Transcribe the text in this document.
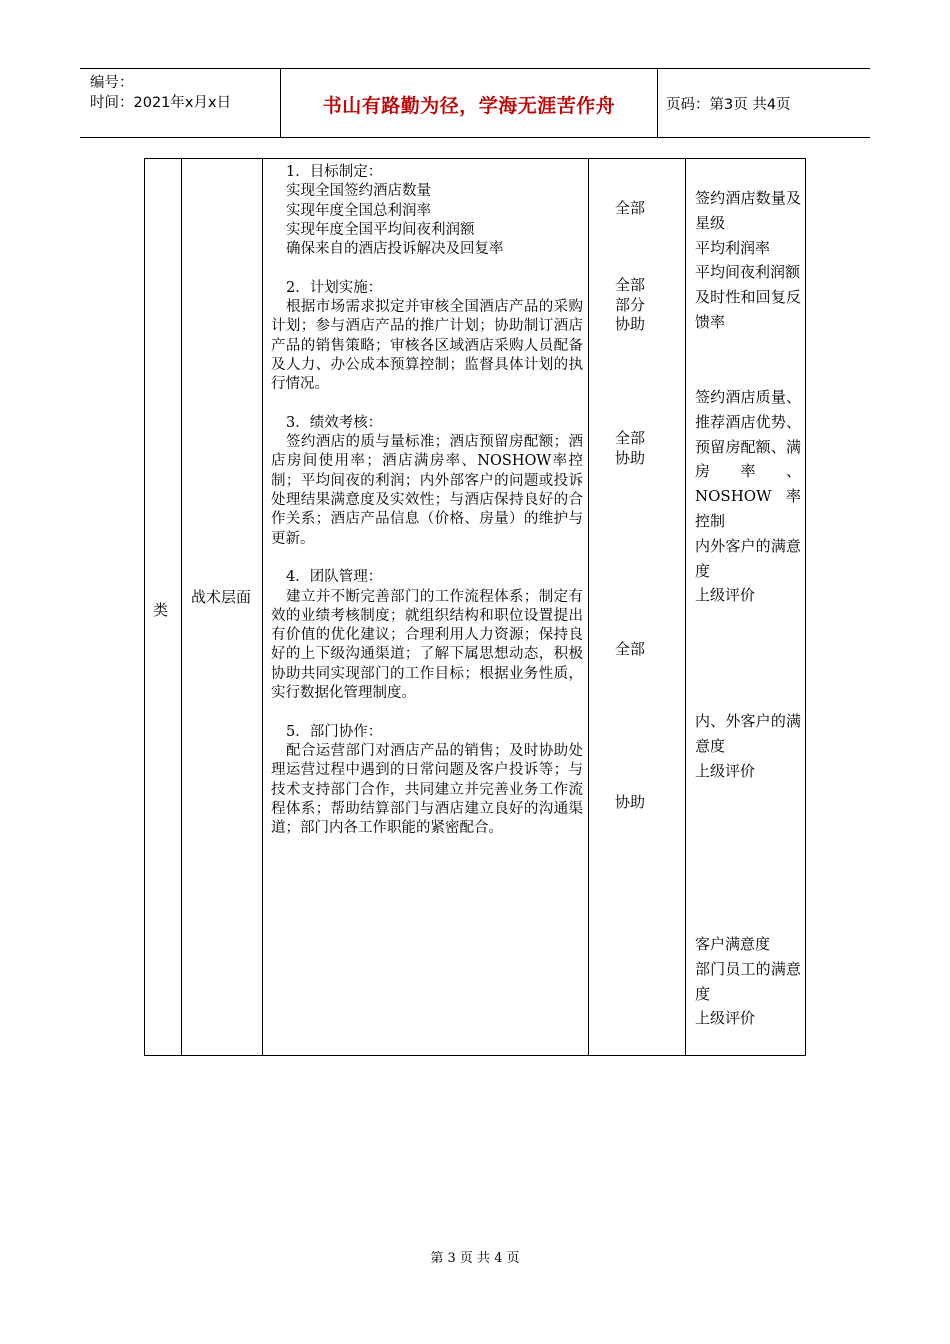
编号：
时间：2021年x月x日	书山有路勤为径，学海无涯苦作舟	页码：第3页 共4页
类
战术层面

1．目标制定：

实现全国签约酒店数量

实现年度全国总利润率

实现年度全国平均间夜利润额

确保来自的酒店投诉解决及回复率

2．计划实施：

根据市场需求拟定并审核全国酒店产品的采购计划；参与酒店产品的推广计划；协助制订酒店产品的销售策略；审核各区域酒店采购人员配备及人力、办公成本预算控制；监督具体计划的执行情况。

3．绩效考核：

签约酒店的质与量标准；酒店预留房配额；酒店房间使用率；酒店满房率、NOSHOW率控制；平均间夜的利润；内外部客户的问题或投诉处理结果满意度及实效性；与酒店保持良好的合作关系；酒店产品信息（价格、房量）的维护与更新。

4．团队管理：

建立并不断完善部门的工作流程体系；制定有效的业绩考核制度；就组织结构和职位设置提出有价值的优化建议；合理利用人力资源；保持良好的上下级沟通渠道；了解下属思想动态，积极协助共同实现部门的工作目标；根据业务性质，实行数据化管理制度。

5．部门协作：

配合运营部门对酒店产品的销售；及时协助处理运营过程中遇到的日常问题及客户投诉等；与技术支持部门合作，共同建立并完善业务工作流程体系；帮助结算部门与酒店建立良好的沟通渠道；部门内各工作职能的紧密配合。

全部
全部
部分
协助
全部
协助
全部
协助
签约酒店数量及星级
平均利润率
平均间夜利润额
及时性和回复反馈率
签约酒店质量、推荐酒店优势、预留房配额、满房率、NOSHOW率控制
内外客户的满意度
上级评价
内、外客户的满意度
上级评价
客户满意度
部门员工的满意度
上级评价
第 3 页 共 4 页
